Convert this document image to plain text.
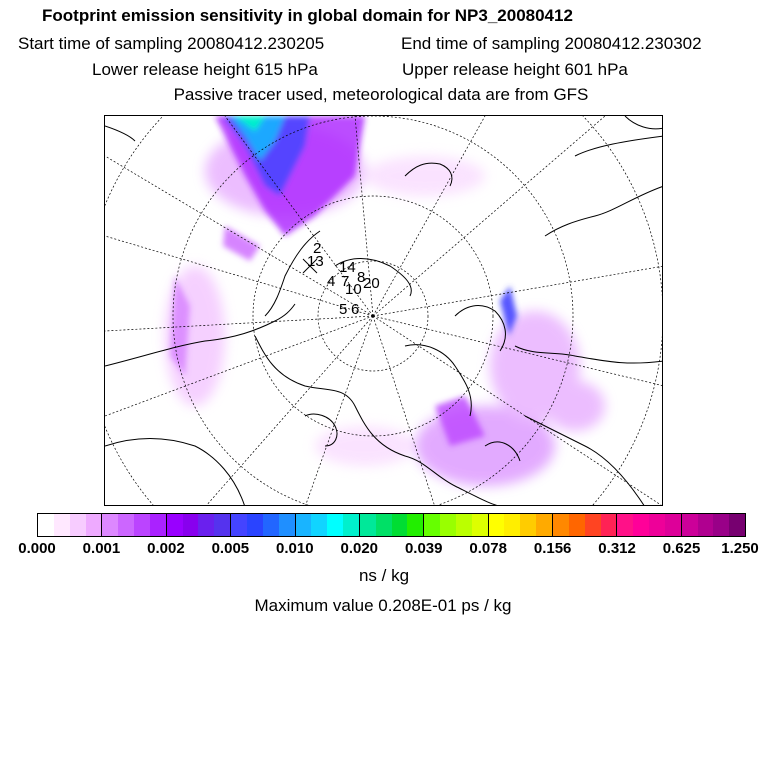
Footprint emission sensitivity in global domain for NP3_20080412
Start time of sampling 20080412.230205	End time of sampling 20080412.230302
Lower release height 615 hPa	Upper release height 601 hPa
Passive tracer used, meteorological data are from GFS
2
13 14
4 7 8
10 20
5 6
0.000 0.001 0.002 0.005 0.010 0.020 0.039 0.078 0.156 0.312 0.625 1.250
ns / kg
Maximum value 0.208E-01 ps / kg
